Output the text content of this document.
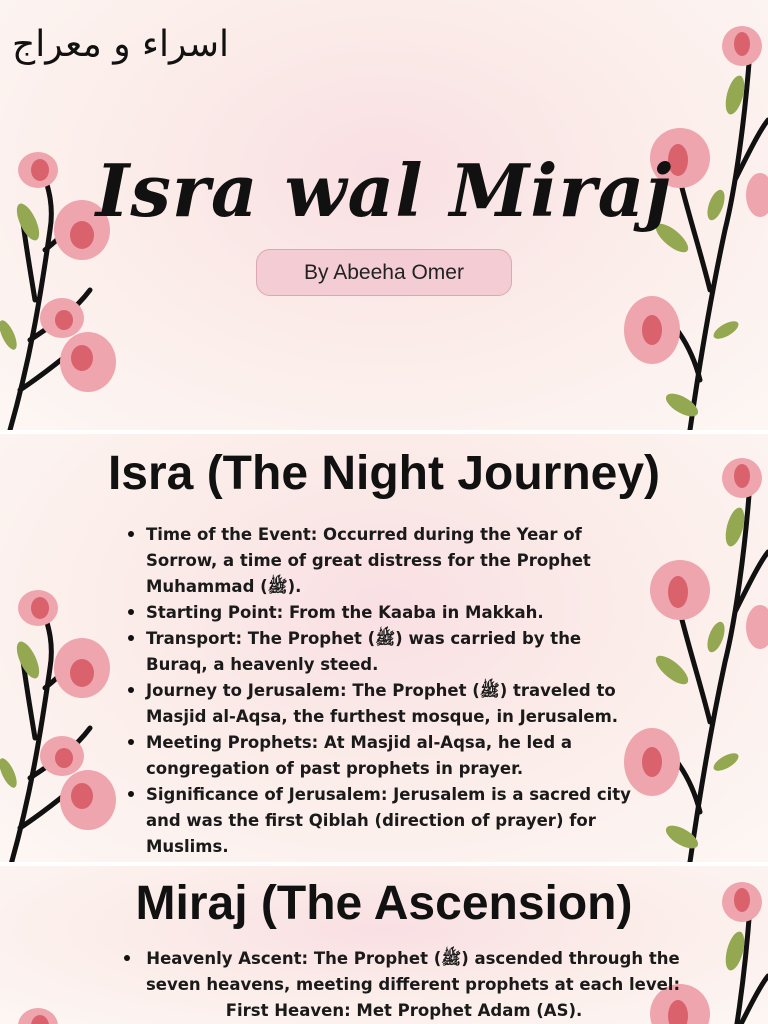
اسراء و معراج
Isra wal Miraj
By Abeeha Omer
Isra (The Night Journey)
Time of the Event: Occurred during the Year of Sorrow, a time of great distress for the Prophet Muhammad (ﷺ).
Starting Point: From the Kaaba in Makkah.
Transport: The Prophet (ﷺ) was carried by the Buraq, a heavenly steed.
Journey to Jerusalem: The Prophet (ﷺ) traveled to Masjid al-Aqsa, the furthest mosque, in Jerusalem.
Meeting Prophets: At Masjid al-Aqsa, he led a congregation of past prophets in prayer.
Significance of Jerusalem: Jerusalem is a sacred city and was the first Qiblah (direction of prayer) for Muslims.
Miraj (The Ascension)
Heavenly Ascent: The Prophet (ﷺ) ascended through the seven heavens, meeting different prophets at each level:
First Heaven: Met Prophet Adam (AS).
